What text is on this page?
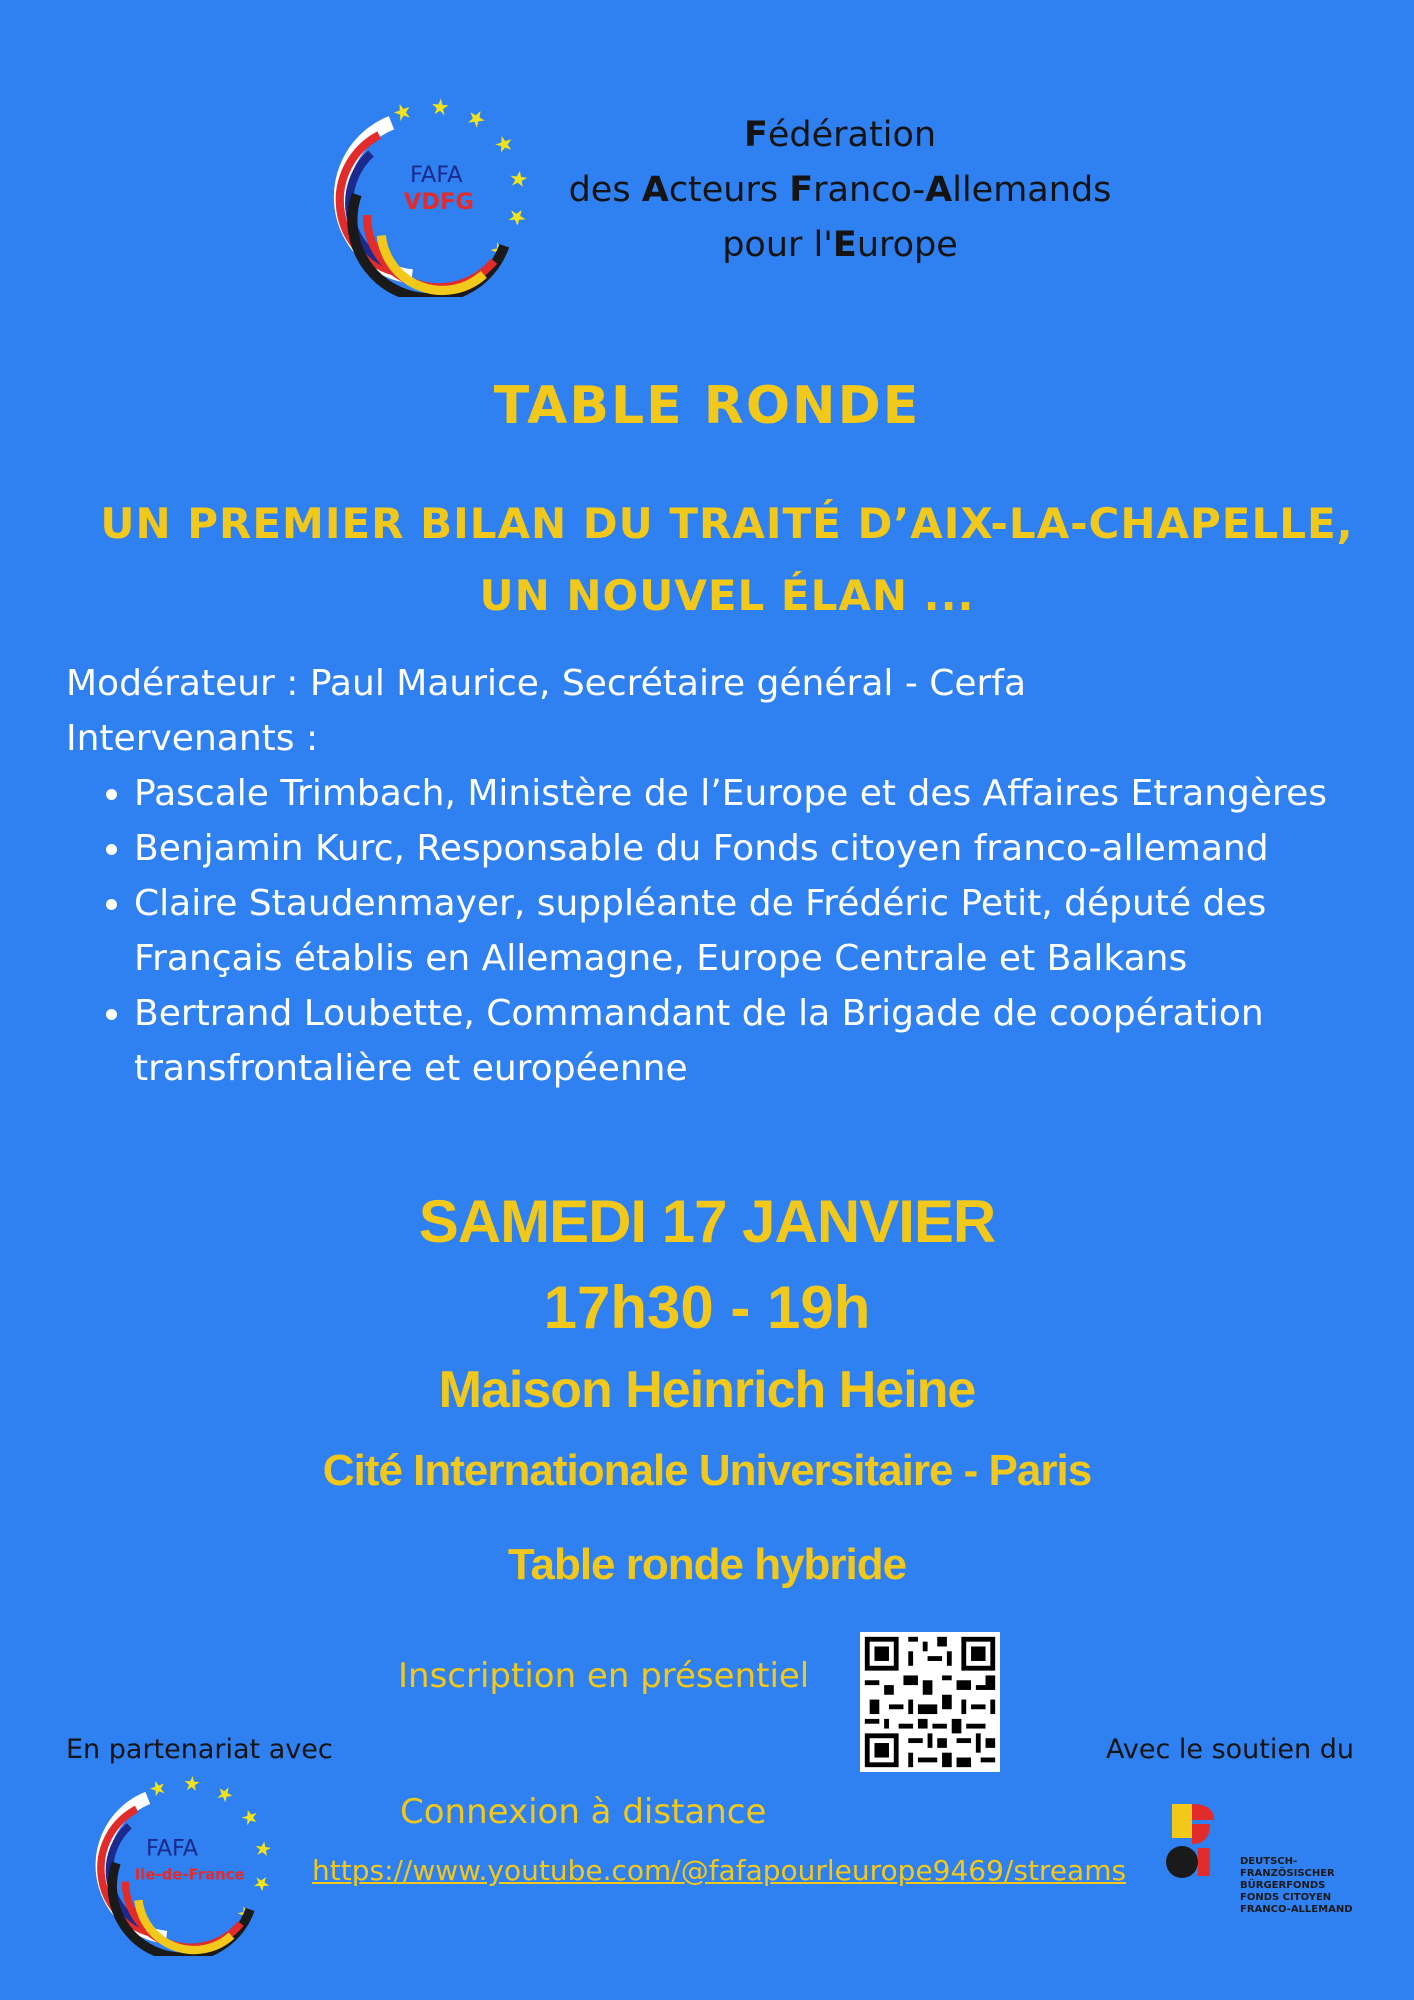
FAFA
VDFG
Fédération
des Acteurs Franco-Allemands
pour l'Europe
TABLE RONDE
UN PREMIER BILAN DU TRAITÉ D’AIX-LA-CHAPELLE,
UN NOUVEL ÉLAN ...
Modérateur : Paul Maurice, Secrétaire général - Cerfa
Intervenants :
• Pascale Trimbach, Ministère de l’Europe et des Affaires Etrangères
• Benjamin Kurc, Responsable du Fonds citoyen franco-allemand
• Claire Staudenmayer, suppléante de Frédéric Petit, député des Français établis en Allemagne, Europe Centrale et Balkans
• Bertrand Loubette, Commandant de la Brigade de coopération transfrontalière et européenne
SAMEDI 17 JANVIER
17h30 - 19h
Maison Heinrich Heine
Cité Internationale Universitaire - Paris
Table ronde hybride
Inscription en présentiel
En partenariat avec	Avec le soutien du
Connexion à distance
https://www.youtube.com/@fafapourleurope9469/streams
FAFA
Ile-de-France
DEUTSCH-
FRANZÖSISCHER
BÜRGERFONDS
FONDS CITOYEN
FRANCO-ALLEMAND
